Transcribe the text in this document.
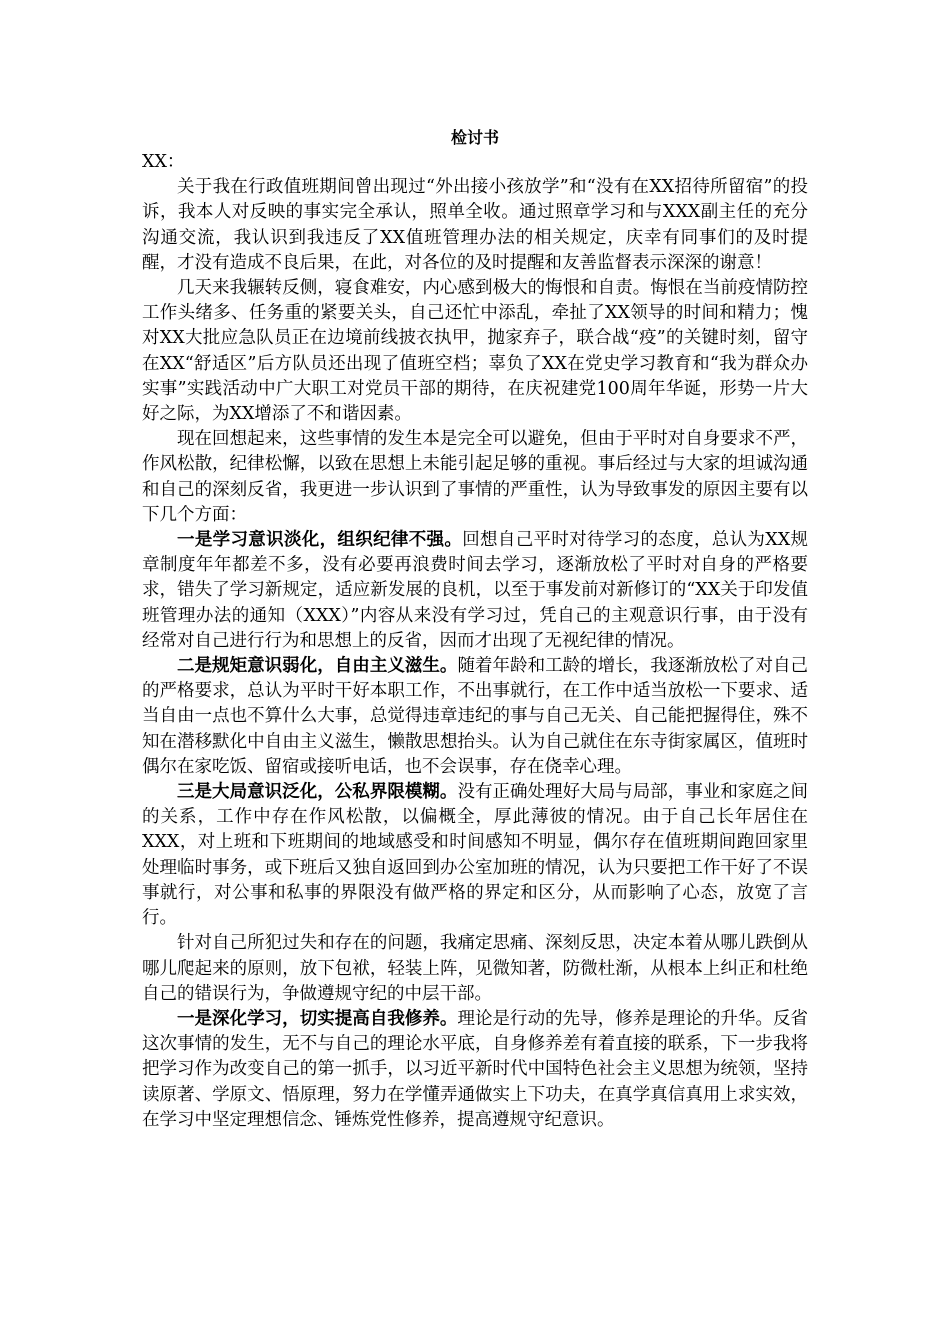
检讨书
XX：

关于我在行政值班期间曾出现过“外出接小孩放学”和“没有在XX招待所留宿”的投诉，我本人对反映的事实完全承认，照单全收。通过照章学习和与XXX副主任的充分沟通交流，我认识到我违反了XX值班管理办法的相关规定，庆幸有同事们的及时提醒，才没有造成不良后果，在此，对各位的及时提醒和友善监督表示深深的谢意！

几天来我辗转反侧，寝食难安，内心感到极大的悔恨和自责。悔恨在当前疫情防控工作头绪多、任务重的紧要关头，自己还忙中添乱，牵扯了XX领导的时间和精力；愧对XX大批应急队员正在边境前线披衣执甲，抛家弃子，联合战“疫”的关键时刻，留守在XX“舒适区”后方队员还出现了值班空档；辜负了XX在党史学习教育和“我为群众办实事”实践活动中广大职工对党员干部的期待，在庆祝建党100周年华诞，形势一片大好之际，为XX增添了不和谐因素。

现在回想起来，这些事情的发生本是完全可以避免，但由于平时对自身要求不严，作风松散，纪律松懈，以致在思想上未能引起足够的重视。事后经过与大家的坦诚沟通和自己的深刻反省，我更进一步认识到了事情的严重性，认为导致事发的原因主要有以下几个方面：

一是学习意识淡化，组织纪律不强。回想自己平时对待学习的态度，总认为XX规章制度年年都差不多，没有必要再浪费时间去学习，逐渐放松了平时对自身的严格要求，错失了学习新规定，适应新发展的良机，以至于事发前对新修订的“XX关于印发值班管理办法的通知（XXX）”内容从来没有学习过，凭自己的主观意识行事，由于没有经常对自己进行行为和思想上的反省，因而才出现了无视纪律的情况。

二是规矩意识弱化，自由主义滋生。随着年龄和工龄的增长，我逐渐放松了对自己的严格要求，总认为平时干好本职工作，不出事就行，在工作中适当放松一下要求、适当自由一点也不算什么大事，总觉得违章违纪的事与自己无关、自己能把握得住，殊不知在潜移默化中自由主义滋生，懒散思想抬头。认为自己就住在东寺街家属区，值班时偶尔在家吃饭、留宿或接听电话，也不会误事，存在侥幸心理。

三是大局意识泛化，公私界限模糊。没有正确处理好大局与局部，事业和家庭之间的关系，工作中存在作风松散，以偏概全，厚此薄彼的情况。由于自己长年居住在XXX，对上班和下班期间的地域感受和时间感知不明显，偶尔存在值班期间跑回家里处理临时事务，或下班后又独自返回到办公室加班的情况，认为只要把工作干好了不误事就行，对公事和私事的界限没有做严格的界定和区分，从而影响了心态，放宽了言行。

针对自己所犯过失和存在的问题，我痛定思痛、深刻反思，决定本着从哪儿跌倒从哪儿爬起来的原则，放下包袱，轻装上阵，见微知著，防微杜渐，从根本上纠正和杜绝自己的错误行为，争做遵规守纪的中层干部。

一是深化学习，切实提高自我修养。理论是行动的先导，修养是理论的升华。反省这次事情的发生，无不与自己的理论水平底，自身修养差有着直接的联系，下一步我将把学习作为改变自己的第一抓手，以习近平新时代中国特色社会主义思想为统领，坚持读原著、学原文、悟原理，努力在学懂弄通做实上下功夫，在真学真信真用上求实效，在学习中坚定理想信念、锤炼党性修养，提高遵规守纪意识。
